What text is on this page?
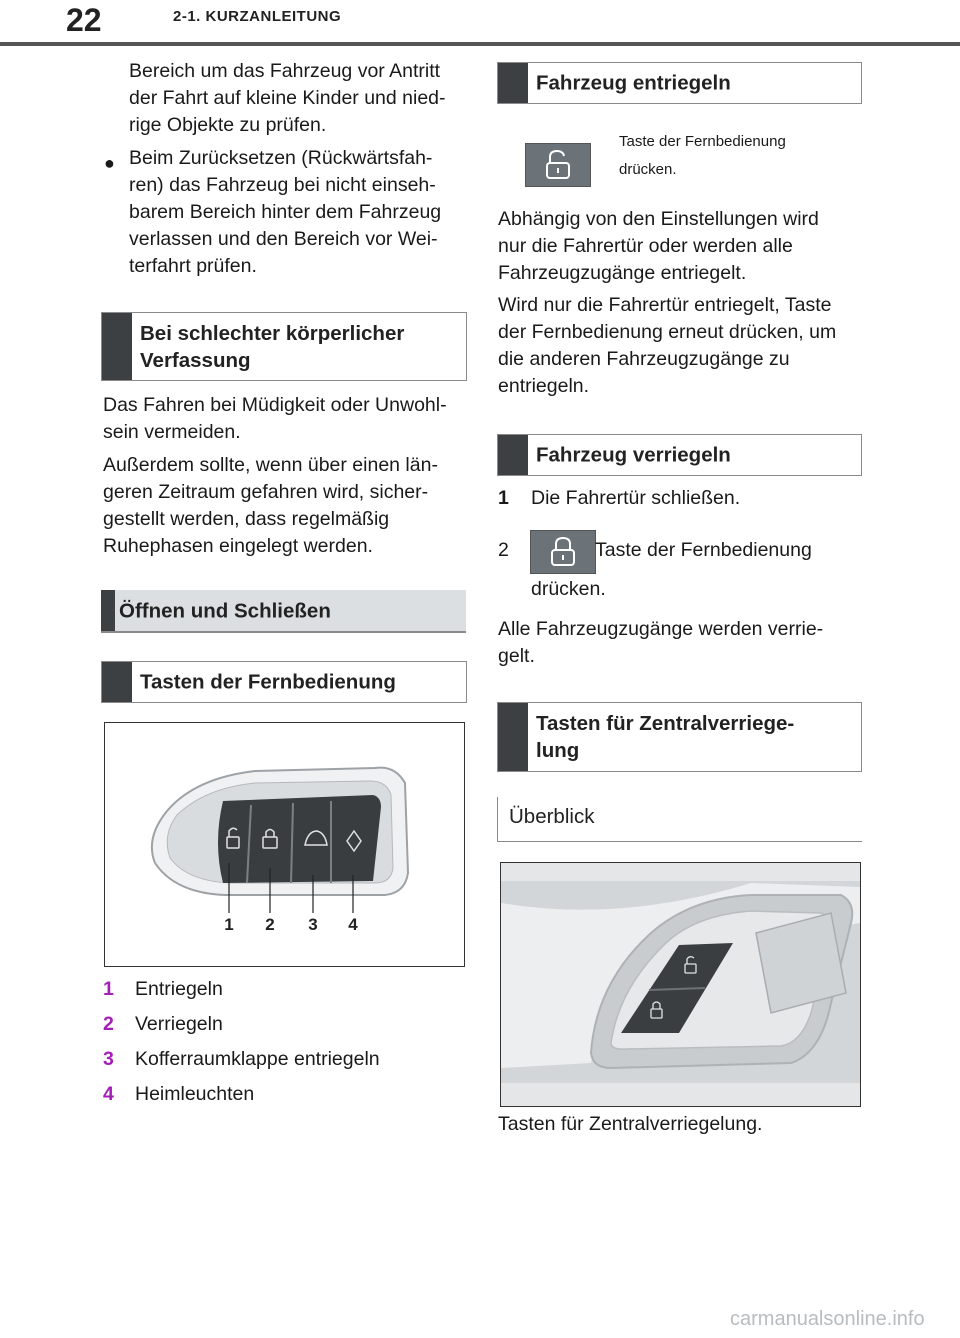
22	2-1. KURZANLEITUNG
Bereich um das Fahrzeug vor Antritt
der Fahrt auf kleine Kinder und nied-
rige Objekte zu prüfen.
● Beim Zurücksetzen (Rückwärtsfah-
ren) das Fahrzeug bei nicht einseh-
barem Bereich hinter dem Fahrzeug
verlassen und den Bereich vor Wei-
terfahrt prüfen.
Bei schlechter körperlicher
Verfassung
Das Fahren bei Müdigkeit oder Unwohl-
sein vermeiden.
Außerdem sollte, wenn über einen län-
geren Zeitraum gefahren wird, sicher-
gestellt werden, dass regelmäßig
Ruhephasen eingelegt werden.
Öffnen und Schließen
Tasten der Fernbedienung
1 2 3 4
1 Entriegeln
2 Verriegeln
3 Kofferraumklappe entriegeln
4 Heimleuchten
Fahrzeug entriegeln
Taste der Fernbedienung
drücken.
Abhängig von den Einstellungen wird
nur die Fahrertür oder werden alle
Fahrzeugzugänge entriegelt.
Wird nur die Fahrertür entriegelt, Taste
der Fernbedienung erneut drücken, um
die anderen Fahrzeugzugänge zu
entriegeln.
Fahrzeug verriegeln
1 Die Fahrertür schließen.
2	Taste der Fernbedienung
drücken.
Alle Fahrzeugzugänge werden verrie-
gelt.
Tasten für Zentralverriege-
lung
Überblick
Tasten für Zentralverriegelung.
carmanualsonline.info
